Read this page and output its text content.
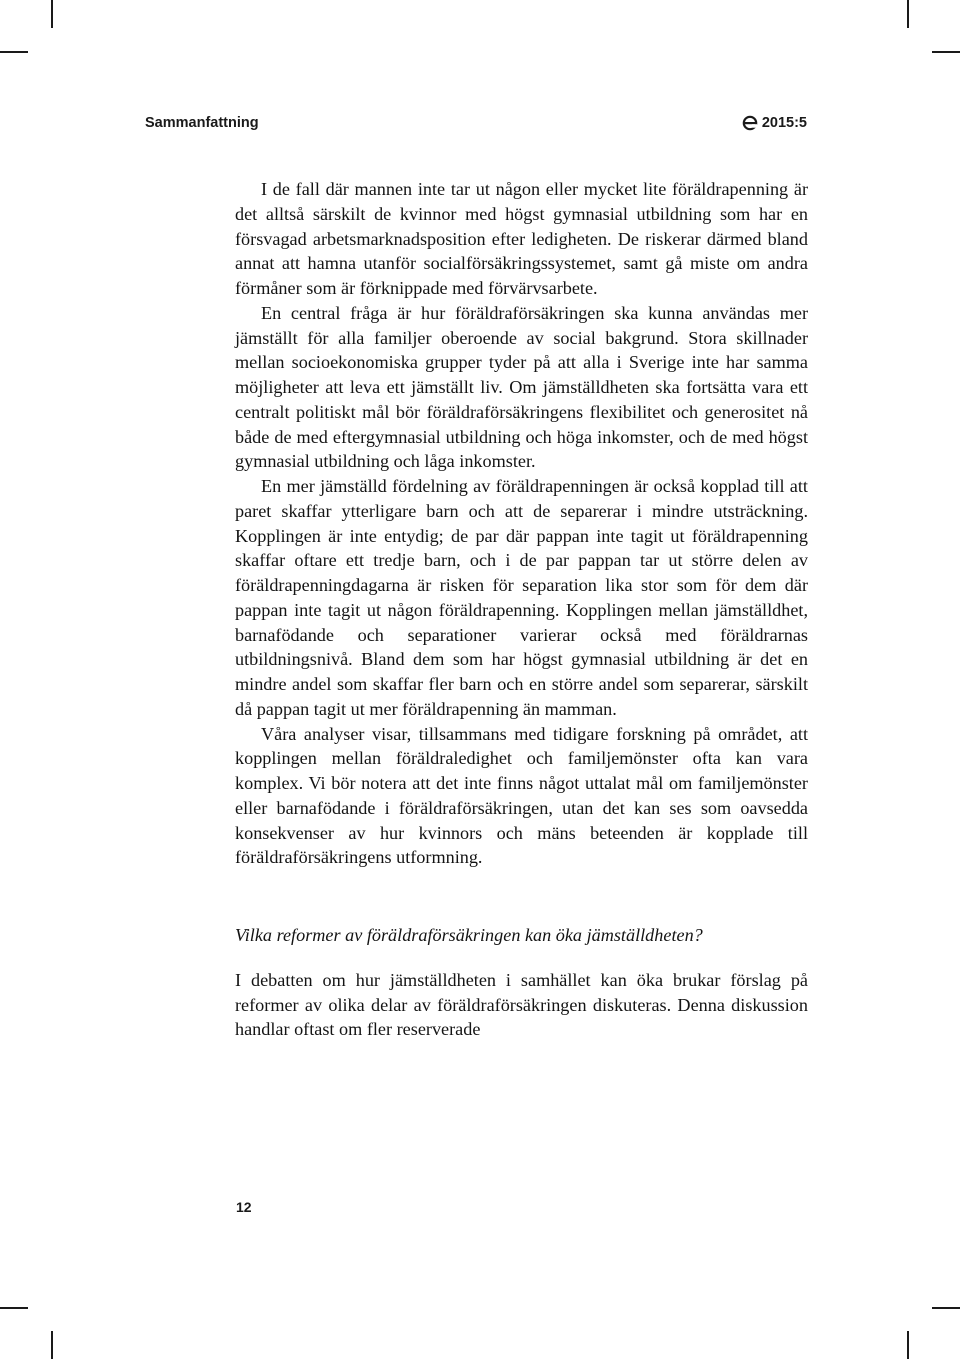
Sammanfattning	2015:5

I de fall där mannen inte tar ut någon eller mycket lite föräldrapenning är det alltså särskilt de kvinnor med högst gymnasial utbildning som har en försvagad arbetsmarknadsposition efter ledigheten. De riskerar därmed bland annat att hamna utanför socialförsäkringssystemet, samt gå miste om andra förmåner som är förknippade med förvärvsarbete.

En central fråga är hur föräldraförsäkringen ska kunna användas mer jämställt för alla familjer oberoende av social bakgrund. Stora skillnader mellan socioekonomiska grupper tyder på att alla i Sverige inte har samma möjligheter att leva ett jämställt liv. Om jämställdheten ska fortsätta vara ett centralt politiskt mål bör föräldraförsäkringens flexibilitet och generositet nå både de med eftergymnasial utbildning och höga inkomster, och de med högst gymnasial utbildning och låga inkomster.

En mer jämställd fördelning av föräldrapenningen är också kopplad till att paret skaffar ytterligare barn och att de separerar i mindre utsträckning. Kopplingen är inte entydig; de par där pappan inte tagit ut föräldrapenning skaffar oftare ett tredje barn, och i de par pappan tar ut större delen av föräldrapenningdagarna är risken för separation lika stor som för dem där pappan inte tagit ut någon föräldrapenning. Kopplingen mellan jämställdhet, barnafödande och separationer varierar också med föräldrarnas utbildningsnivå. Bland dem som har högst gymnasial utbildning är det en mindre andel som skaffar fler barn och en större andel som separerar, särskilt då pappan tagit ut mer föräldrapenning än mamman.

Våra analyser visar, tillsammans med tidigare forskning på området, att kopplingen mellan föräldraledighet och familjemönster ofta kan vara komplex. Vi bör notera att det inte finns något uttalat mål om familjemönster eller barnafödande i föräldraförsäkringen, utan det kan ses som oavsedda konsekvenser av hur kvinnors och mäns beteenden är kopplade till föräldraförsäkringens utformning.

Vilka reformer av föräldraförsäkringen kan öka jämställdheten?

I debatten om hur jämställdheten i samhället kan öka brukar förslag på reformer av olika delar av föräldraförsäkringen diskuteras. Denna diskussion handlar oftast om fler reserverade

12
